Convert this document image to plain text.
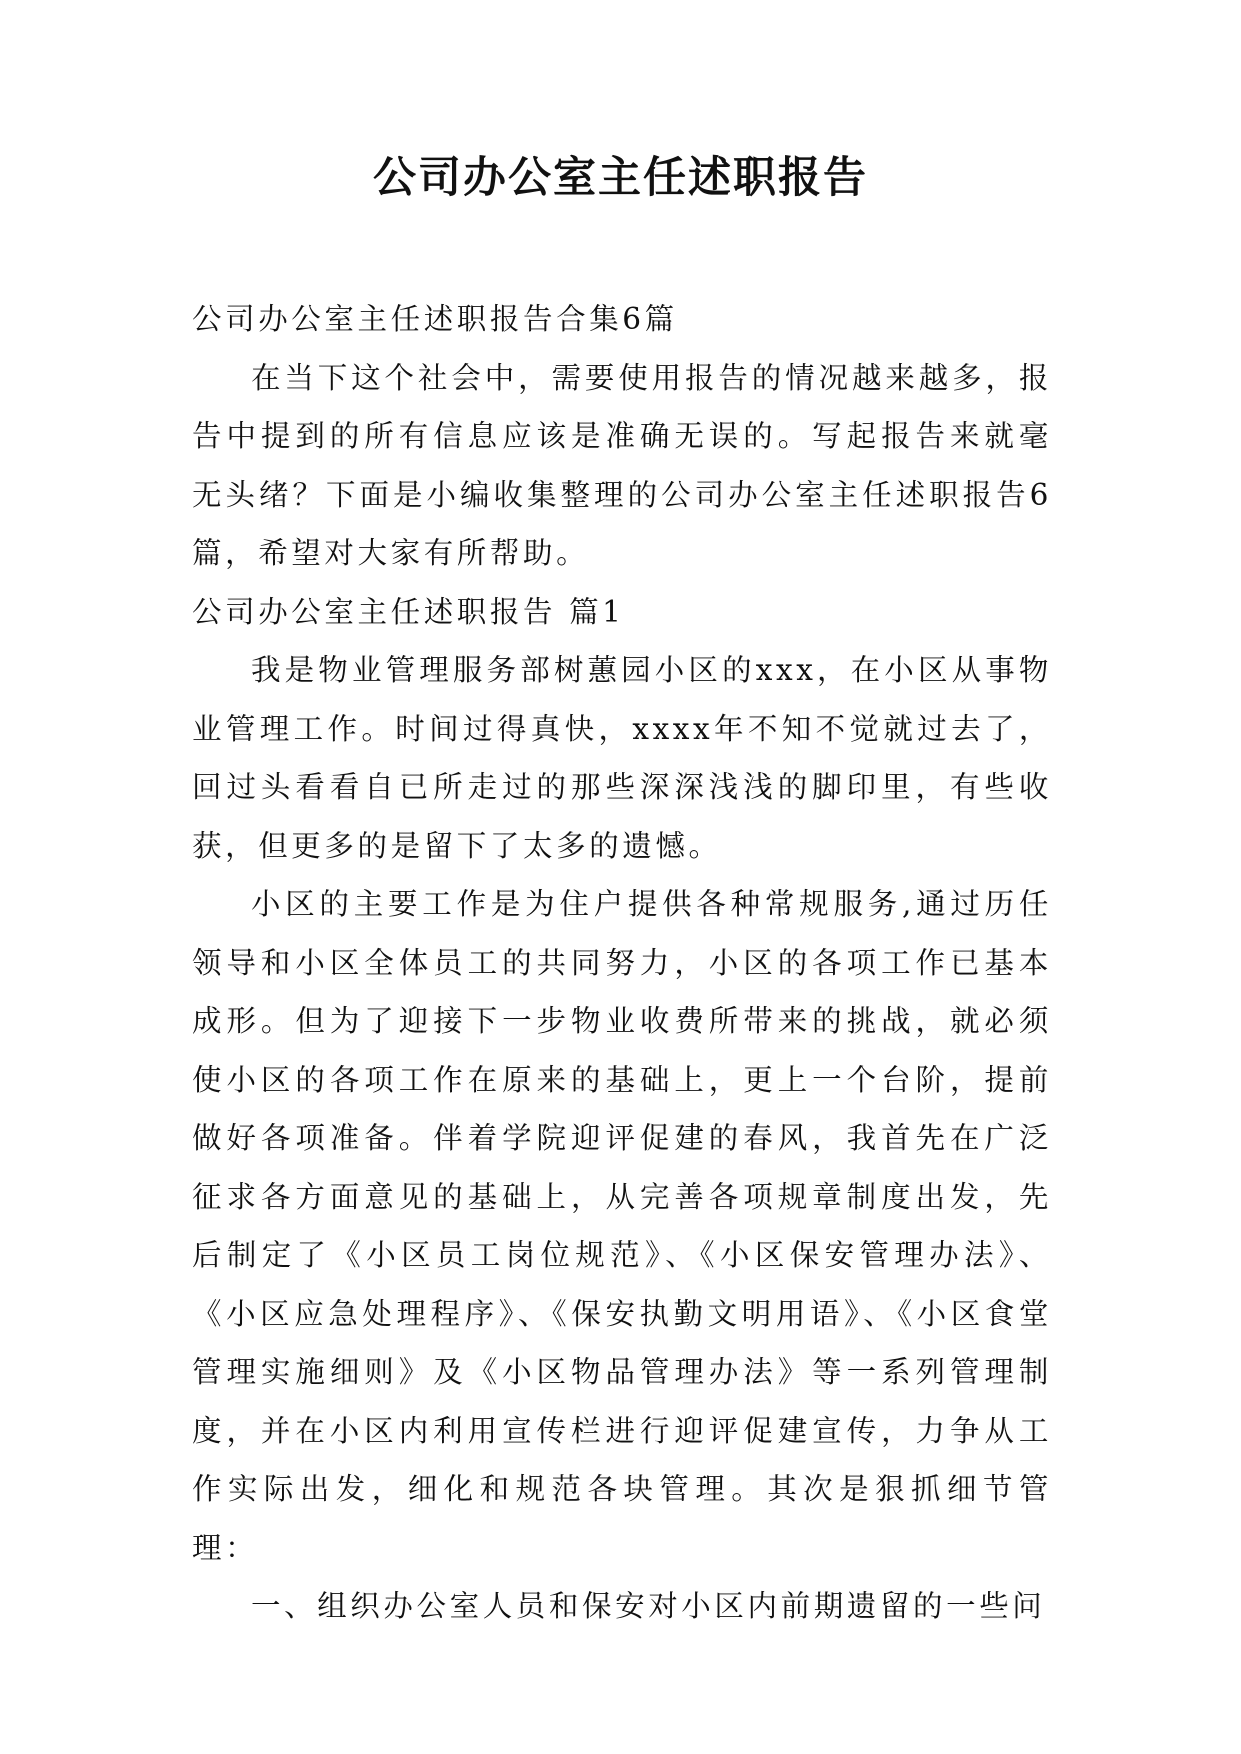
公司办公室主任述职报告

公司办公室主任述职报告合集6篇

在当下这个社会中，需要使用报告的情况越来越多，报告中提到的所有信息应该是准确无误的。写起报告来就毫无头绪？下面是小编收集整理的公司办公室主任述职报告6篇，希望对大家有所帮助。

公司办公室主任述职报告 篇1

我是物业管理服务部树蕙园小区的xxx，在小区从事物业管理工作。时间过得真快，xxxx年不知不觉就过去了，回过头看看自已所走过的那些深深浅浅的脚印里，有些收获，但更多的是留下了太多的遗憾。

小区的主要工作是为住户提供各种常规服务,通过历任领导和小区全体员工的共同努力，小区的各项工作已基本成形。但为了迎接下一步物业收费所带来的挑战，就必须使小区的各项工作在原来的基础上，更上一个台阶，提前做好各项准备。伴着学院迎评促建的春风，我首先在广泛征求各方面意见的基础上，从完善各项规章制度出发，先后制定了《小区员工岗位规范》、《小区保安管理办法》、《小区应急处理程序》、《保安执勤文明用语》、《小区食堂管理实施细则》及《小区物品管理办法》等一系列管理制度，并在小区内利用宣传栏进行迎评促建宣传，力争从工作实际出发，细化和规范各块管理。其次是狠抓细节管理：

一、组织办公室人员和保安对小区内前期遗留的一些问
